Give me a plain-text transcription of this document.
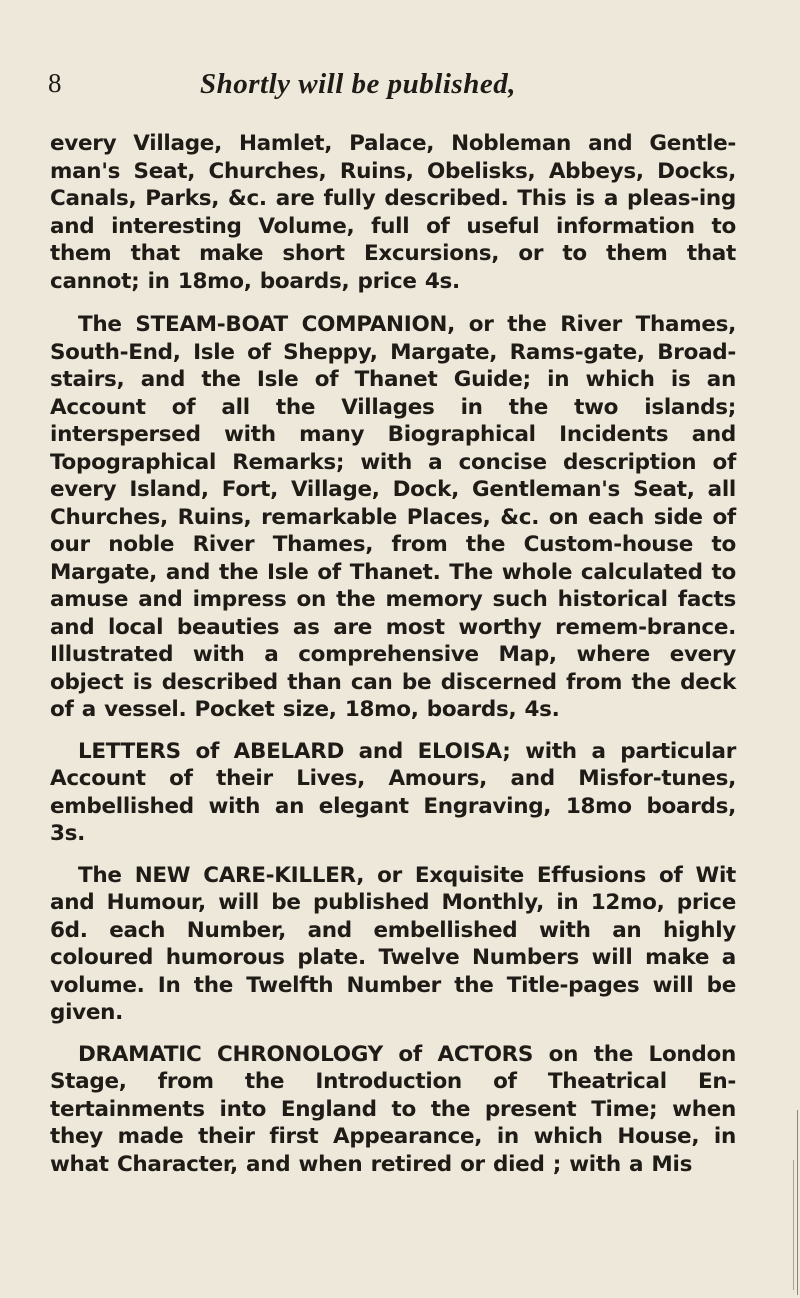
8	Shortly will be published,

every Village, Hamlet, Palace, Nobleman and Gentle-man's Seat, Churches, Ruins, Obelisks, Abbeys, Docks, Canals, Parks, &c. are fully described. This is a pleas-ing and interesting Volume, full of useful information to them that make short Excursions, or to them that cannot; in 18mo, boards, price 4s.

The STEAM-BOAT COMPANION, or the River Thames, South-End, Isle of Sheppy, Margate, Rams-gate, Broad-stairs, and the Isle of Thanet Guide; in which is an Account of all the Villages in the two islands; interspersed with many Biographical Incidents and Topographical Remarks; with a concise description of every Island, Fort, Village, Dock, Gentleman's Seat, all Churches, Ruins, remarkable Places, &c. on each side of our noble River Thames, from the Custom-house to Margate, and the Isle of Thanet. The whole calculated to amuse and impress on the memory such historical facts and local beauties as are most worthy remem-brance. Illustrated with a comprehensive Map, where every object is described than can be discerned from the deck of a vessel. Pocket size, 18mo, boards, 4s.

LETTERS of ABELARD and ELOISA; with a particular Account of their Lives, Amours, and Misfor-tunes, embellished with an elegant Engraving, 18mo boards, 3s.

The NEW CARE-KILLER, or Exquisite Effusions of Wit and Humour, will be published Monthly, in 12mo, price 6d. each Number, and embellished with an highly coloured humorous plate. Twelve Numbers will make a volume. In the Twelfth Number the Title-pages will be given.

DRAMATIC CHRONOLOGY of ACTORS on the London Stage, from the Introduction of Theatrical En-tertainments into England to the present Time; when they made their first Appearance, in which House, in what Character, and when retired or died ; with a Mis
